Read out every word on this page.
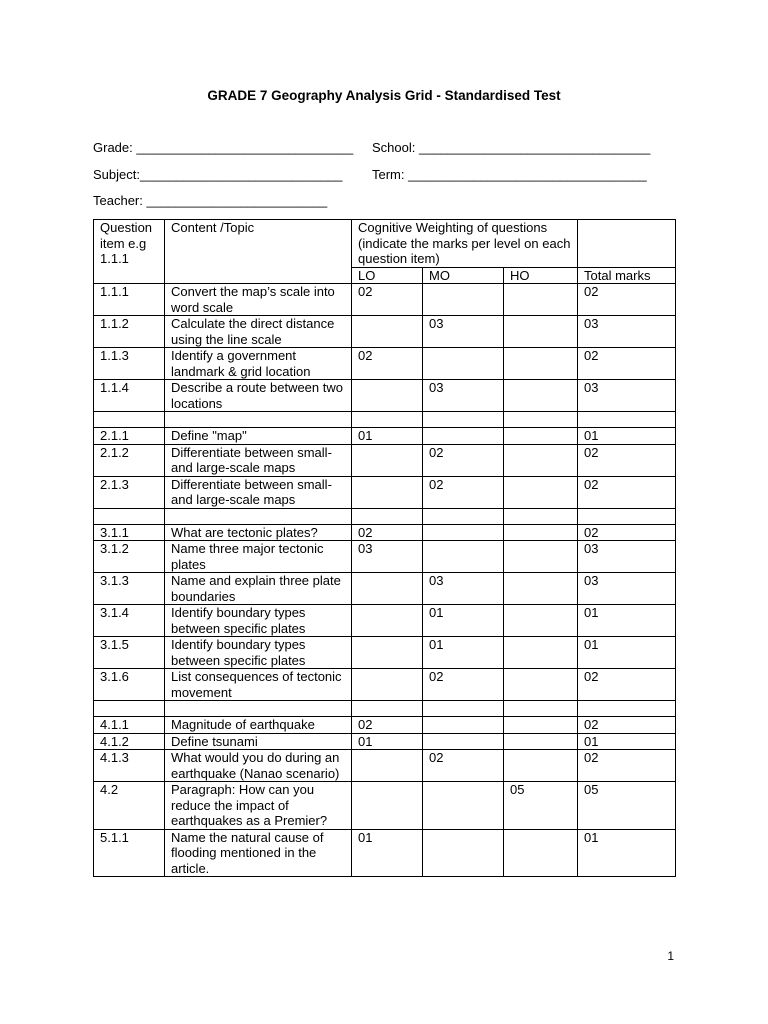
GRADE 7 Geography Analysis Grid - Standardised Test
Grade: ______________________________ School: ________________________________
Subject:____________________________ Term: _________________________________
Teacher: _________________________
Question item e.g 1.1.1	Content /Topic	Cognitive Weighting of questions (indicate the marks per level on each question item)			
		LO	MO	HO	Total marks
1.1.1	Convert the map’s scale into word scale	02			02
1.1.2	Calculate the direct distance using the line scale		03		03
1.1.3	Identify a government landmark & grid location	02			02
1.1.4	Describe a route between two locations		03		03

2.1.1	Define "map"	01			01
2.1.2	Differentiate between small- and large-scale maps		02		02
2.1.3	Differentiate between small- and large-scale maps		02		02

3.1.1	What are tectonic plates?	02			02
3.1.2	Name three major tectonic plates	03			03
3.1.3	Name and explain three plate boundaries		03		03
3.1.4	Identify boundary types between specific plates		01		01
3.1.5	Identify boundary types between specific plates		01		01
3.1.6	List consequences of tectonic movement		02		02

4.1.1	Magnitude of earthquake	02			02
4.1.2	Define tsunami	01			01
4.1.3	What would you do during an earthquake (Nanao scenario)		02		02
4.2	Paragraph: How can you reduce the impact of earthquakes as a Premier?			05	05
5.1.1	Name the natural cause of flooding mentioned in the article.	01			01
1
